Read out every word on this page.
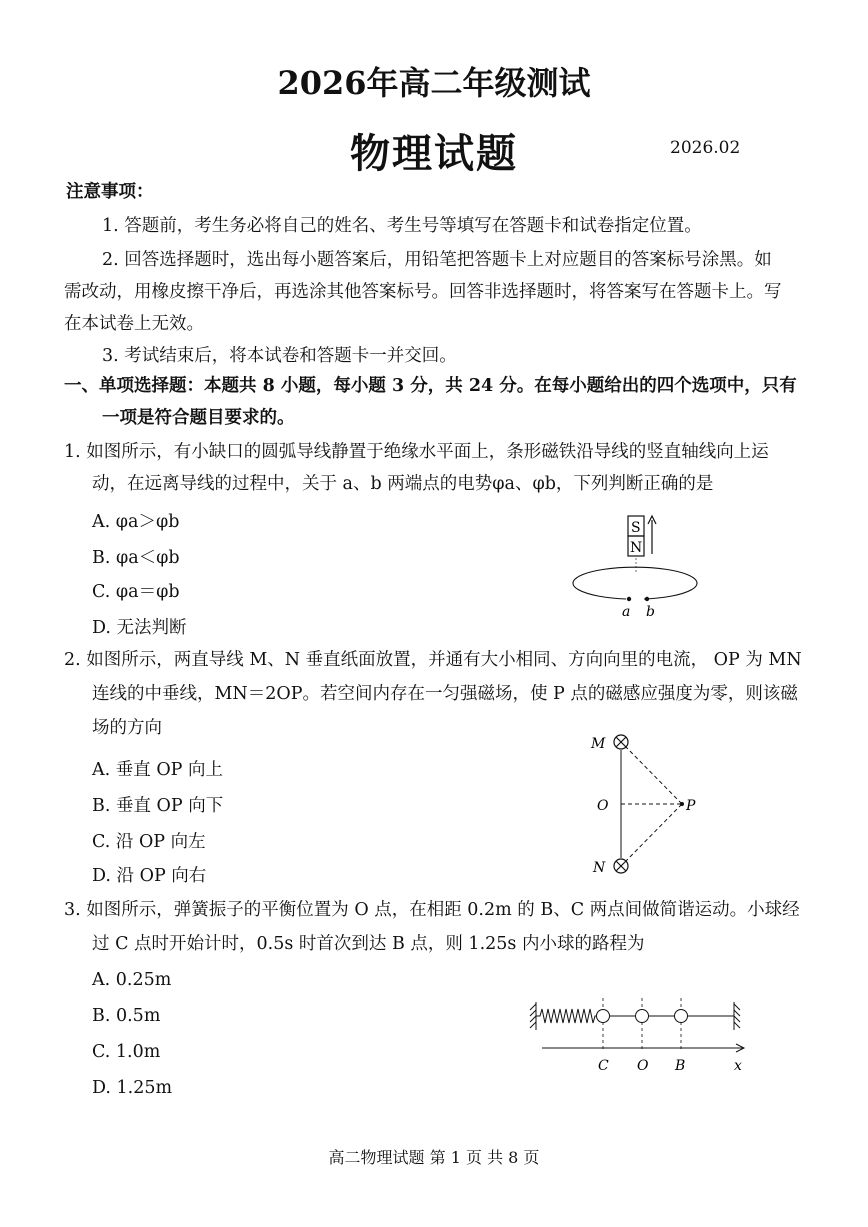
2026年高二年级测试
物理试题	2026.02
注意事项：
1. 答题前，考生务必将自己的姓名、考生号等填写在答题卡和试卷指定位置。
2. 回答选择题时，选出每小题答案后，用铅笔把答题卡上对应题目的答案标号涂黑。如
需改动，用橡皮擦干净后，再选涂其他答案标号。回答非选择题时，将答案写在答题卡上。写
在本试卷上无效。
3. 考试结束后，将本试卷和答题卡一并交回。
一、单项选择题：本题共 8 小题，每小题 3 分，共 24 分。在每小题给出的四个选项中，只有
一项是符合题目要求的。
1. 如图所示，有小缺口的圆弧导线静置于绝缘水平面上，条形磁铁沿导线的竖直轴线向上运
动，在远离导线的过程中，关于 a、b 两端点的电势φa、φb，下列判断正确的是
A. φa＞φb
B. φa＜φb
C. φa＝φb
D. 无法判断
S
N
a b
2. 如图所示，两直导线 M、N 垂直纸面放置，并通有大小相同、方向向里的电流， OP 为 MN
连线的中垂线，MN＝2OP。若空间内存在一匀强磁场，使 P 点的磁感应强度为零，则该磁
场的方向
A. 垂直 OP 向上
B. 垂直 OP 向下
C. 沿 OP 向左
D. 沿 OP 向右
M
N
O	P
3. 如图所示，弹簧振子的平衡位置为 O 点，在相距 0.2m 的 B、C 两点间做简谐运动。小球经
过 C 点时开始计时，0.5s 时首次到达 B 点，则 1.25s 内小球的路程为
A. 0.25m
B. 0.5m
C. 1.0m
D. 1.25m
C O B	x
高二物理试题 第 1 页 共 8 页
